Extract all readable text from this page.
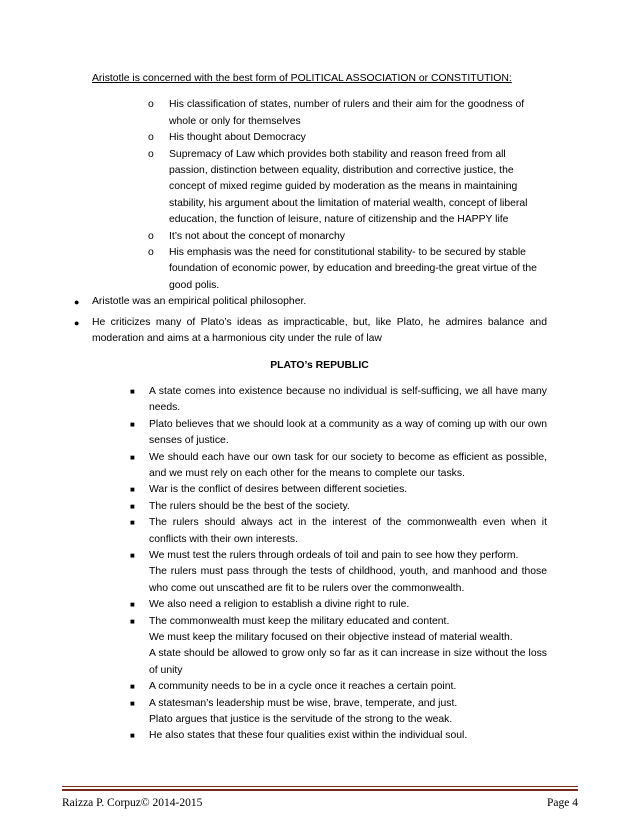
Aristotle is concerned with the best form of POLITICAL ASSOCIATION or CONSTITUTION:

o His classification of states, number of rulers and their aim for the goodness of whole or only for themselves
o His thought about Democracy
o Supremacy of Law which provides both stability and reason freed from all passion, distinction between equality, distribution and corrective justice, the concept of mixed regime guided by moderation as the means in maintaining stability, his argument about the limitation of material wealth, concept of liberal education, the function of leisure, nature of citizenship and the HAPPY life
o It’s not about the concept of monarchy
o His emphasis was the need for constitutional stability- to be secured by stable foundation of economic power, by education and breeding-the great virtue of the good polis.
● Aristotle was an empirical political philosopher.
● He criticizes many of Plato’s ideas as impracticable, but, like Plato, he admires balance and moderation and aims at a harmonious city under the rule of law

PLATO’s REPUBLIC

■ A state comes into existence because no individual is self-sufficing, we all have many needs.
■ Plato believes that we should look at a community as a way of coming up with our own senses of justice.
■ We should each have our own task for our society to become as efficient as possible, and we must rely on each other for the means to complete our tasks.
■ War is the conflict of desires between different societies.
■ The rulers should be the best of the society.
■ The rulers should always act in the interest of the commonwealth even when it conflicts with their own interests.
■ We must test the rulers through ordeals of toil and pain to see how they perform.
The rulers must pass through the tests of childhood, youth, and manhood and those who come out unscathed are fit to be rulers over the commonwealth.
■ We also need a religion to establish a divine right to rule.
■ The commonwealth must keep the military educated and content.
We must keep the military focused on their objective instead of material wealth.
A state should be allowed to grow only so far as it can increase in size without the loss of unity
■ A community needs to be in a cycle once it reaches a certain point.
■ A statesman’s leadership must be wise, brave, temperate, and just.
Plato argues that justice is the servitude of the strong to the weak.
■ He also states that these four qualities exist within the individual soul.
Raizza P. Corpuz© 2014-2015	Page 4
